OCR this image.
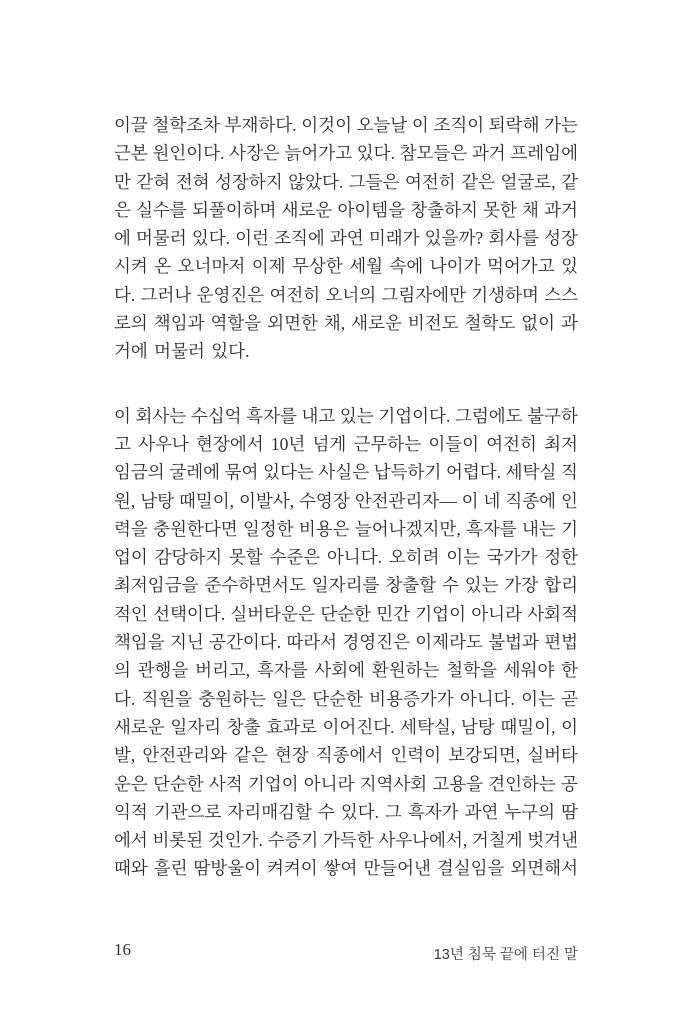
이끌 철학조차 부재하다. 이것이 오늘날 이 조직이 퇴락해 가는
근본 원인이다. 사장은 늙어가고 있다. 참모들은 과거 프레임에
만 갇혀 전혀 성장하지 않았다. 그들은 여전히 같은 얼굴로, 같
은 실수를 되풀이하며 새로운 아이템을 창출하지 못한 채 과거
에 머물러 있다. 이런 조직에 과연 미래가 있을까? 회사를 성장
시켜 온 오너마저 이제 무상한 세월 속에 나이가 먹어가고 있
다. 그러나 운영진은 여전히 오너의 그림자에만 기생하며 스스
로의 책임과 역할을 외면한 채, 새로운 비전도 철학도 없이 과
거에 머물러 있다.
이 회사는 수십억 흑자를 내고 있는 기업이다. 그럼에도 불구하
고 사우나 현장에서 10년 넘게 근무하는 이들이 여전히 최저
임금의 굴레에 묶여 있다는 사실은 납득하기 어렵다. 세탁실 직
원, 남탕 때밀이, 이발사, 수영장 안전관리자— 이 네 직종에 인
력을 충원한다면 일정한 비용은 늘어나겠지만, 흑자를 내는 기
업이 감당하지 못할 수준은 아니다. 오히려 이는 국가가 정한
최저임금을 준수하면서도 일자리를 창출할 수 있는 가장 합리
적인 선택이다. 실버타운은 단순한 민간 기업이 아니라 사회적
책임을 지닌 공간이다. 따라서 경영진은 이제라도 불법과 편법
의 관행을 버리고, 흑자를 사회에 환원하는 철학을 세워야 한
다. 직원을 충원하는 일은 단순한 비용증가가 아니다. 이는 곧
새로운 일자리 창출 효과로 이어진다. 세탁실, 남탕 때밀이, 이
발, 안전관리와 같은 현장 직종에서 인력이 보강되면, 실버타
운은 단순한 사적 기업이 아니라 지역사회 고용을 견인하는 공
익적 기관으로 자리매김할 수 있다. 그 흑자가 과연 누구의 땀
에서 비롯된 것인가. 수증기 가득한 사우나에서, 거칠게 벗겨낸
때와 흘린 땀방울이 켜켜이 쌓여 만들어낸 결실임을 외면해서
16	13년 침묵 끝에 터진 말
